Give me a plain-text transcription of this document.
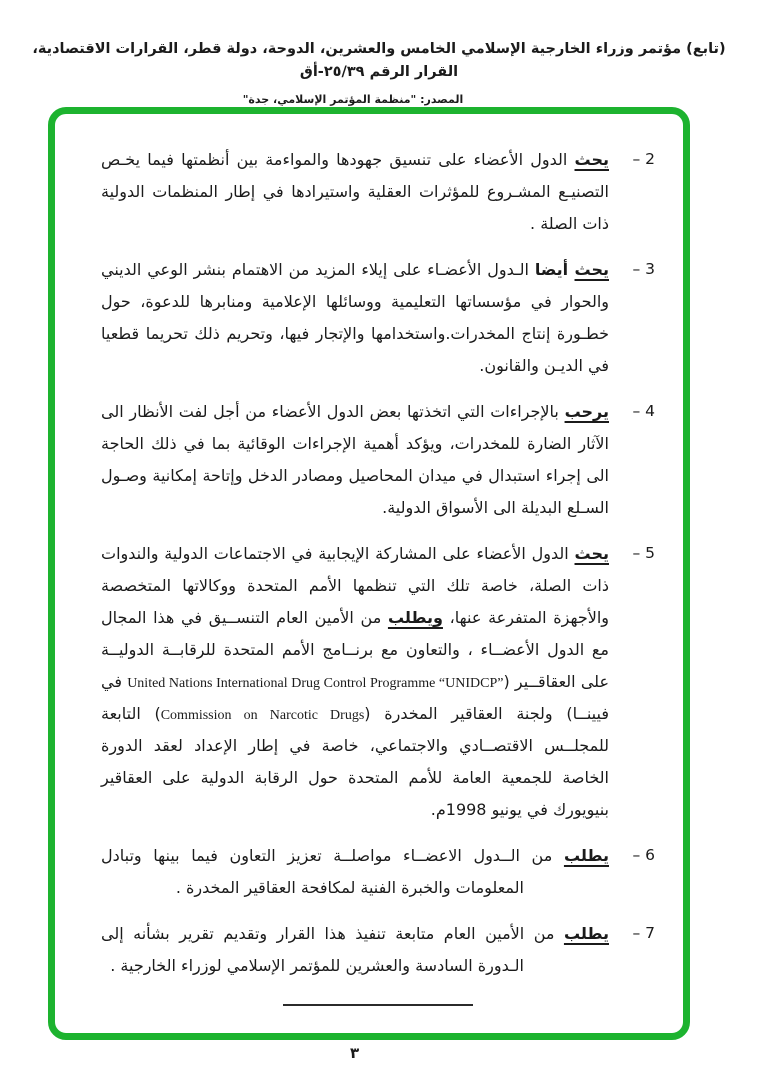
(تابع) مؤتمر وزراء الخارجية الإسلامي الخامس والعشرين، الدوحة، دولة قطر، القرارات الاقتصادية، القرار الرقم ٢٥/٣٩-أق
المصدر: "منظمة المؤتمر الإسلامي، جدة"
2 –
يحث الدول الأعضاء على تنسيق جهودها والمواءمة بين أنظمتها فيما يخـص التصنيـع المشـروع للمؤثرات العقلية واستيرادها في إطار المنظمات الدولية ذات الصلة .
3 –
يحث أيضا الـدول الأعضـاء على إيلاء المزيد من الاهتمام بنشر الوعي الديني والحوار في مؤسساتها التعليمية ووسائلها الإعلامية ومنابرها للدعوة، حول خطـورة إنتاج المخدرات.واستخدامها والإتجار فيها، وتحريم ذلك تحريما قطعيا في الديـن والقانون.
4 –
يرحب بالإجراءات التي اتخذتها بعض الدول الأعضاء من أجل لفت الأنظار الى الآثار الضارة للمخدرات، ويؤكد أهمية الإجراءات الوقائية بما في ذلك الحاجة الى إجراء استبدال في ميدان المحاصيل ومصادر الدخل وإتاحة إمكانية وصـول السـلع البديلة الى الأسواق الدولية.
5 –
يحث الدول الأعضاء على المشاركة الإيجابية في الاجتماعات الدولية والندوات ذات الصلة، خاصة تلك التي تنظمها الأمم المتحدة ووكالاتها المتخصصة والأجهزة المتفرعة عنها، ويطلب من الأمين العام التنســيق في هذا المجال مع الدول الأعضــاء ، والتعاون مع برنــامج الأمم المتحدة للرقابــة الدوليــة على العقاقــير (United Nations International Drug Control Programme “UNIDCP” في فيينــا) ولجنة العقاقير المخدرة (Commission on Narcotic Drugs) التابعة للمجلــس الاقتصــادي والاجتماعي، خاصة في إطار الإعداد لعقد الدورة الخاصة للجمعية العامة للأمم المتحدة حول الرقابة الدولية على العقاقير بنيويورك في يونيو 1998م.
6 –
يطلب من الــدول الاعضــاء مواصلــة تعزيز التعاون فيما بينها وتبادل المعلومات والخبرة الفنية لمكافحة العقاقير المخدرة .
7 –
يطلب من الأمين العام متابعة تنفيذ هذا القرار وتقديم تقرير بشأنه إلى الـدورة السادسة والعشرين للمؤتمر الإسلامي لوزراء الخارجية .
٣
